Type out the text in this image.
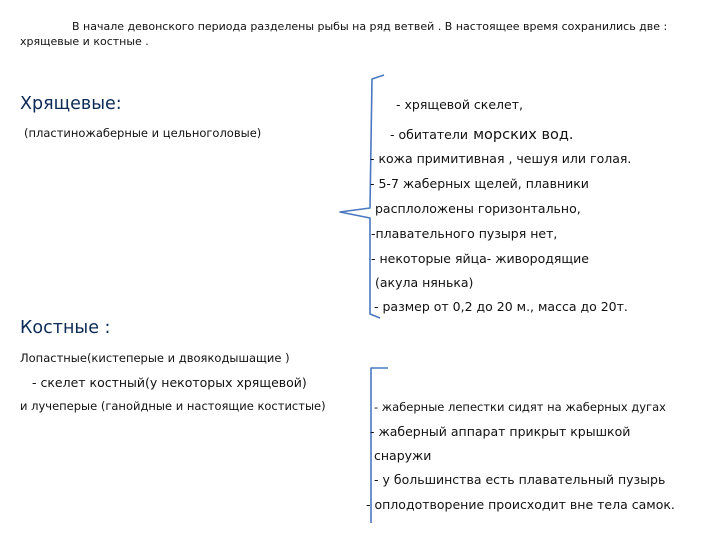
В начале девонского периода разделены рыбы на ряд ветвей . В настоящее время сохранились две :
хрящевые и костные .
Хрящевые:
(пластиножаберные и цельноголовые)
- хрящевой скелет,
- обитатели морских вод.
- кожа примитивная , чешуя или голая.
- 5-7 жаберных щелей, плавники
расплоложены горизонтально,
-плавательного пузыря нет,
- некоторые яйца- живородящие
(акула нянька)
- размер от 0,2 до 20 м., масса до 20т.
Костные :
Лопастные(кистеперые и двоякодышащие )
- скелет костный(у некоторых хрящевой)
и лучеперые (ганойдные и настоящие костистые)	- жаберные лепестки сидят на жаберных дугах
- жаберный аппарат прикрыт крышкой
снаружи
- у большинства есть плавательный пузырь
- оплодотворение происходит вне тела самок.
